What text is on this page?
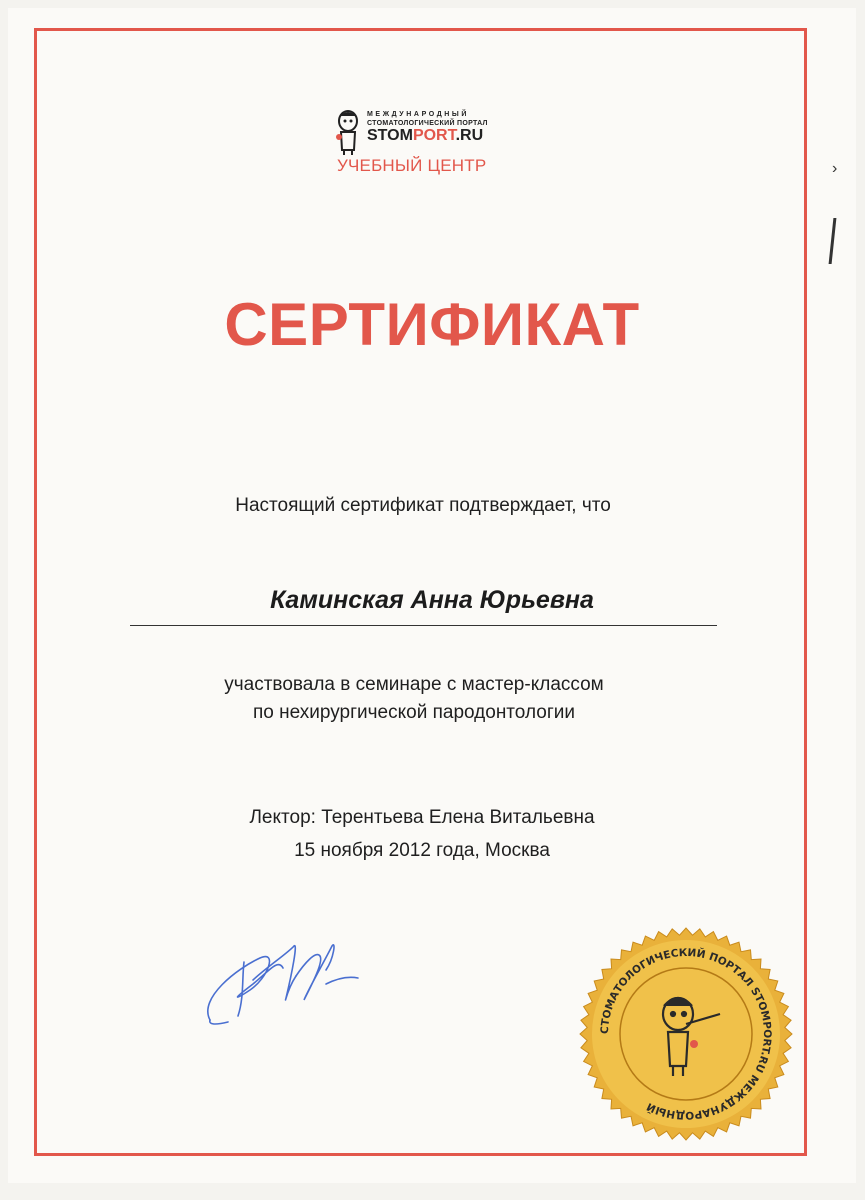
МЕЖДУНАРОДНЫЙ
СТОМАТОЛОГИЧЕСКИЙ ПОРТАЛ
STOMPORT.RU
УЧЕБНЫЙ ЦЕНТР
СЕРТИФИКАТ
Настоящий сертификат подтверждает, что
Каминская Анна Юрьевна
участвовала в семинаре с мастер-классом
по нехирургической пародонтологии
Лектор: Терентьева Елена Витальевна
15 ноября 2012 года, Москва
СТОМАТОЛОГИЧЕСКИЙ ПОРТАЛ STOMPORT.RU МЕЖДУНАРОДНЫЙ
›
